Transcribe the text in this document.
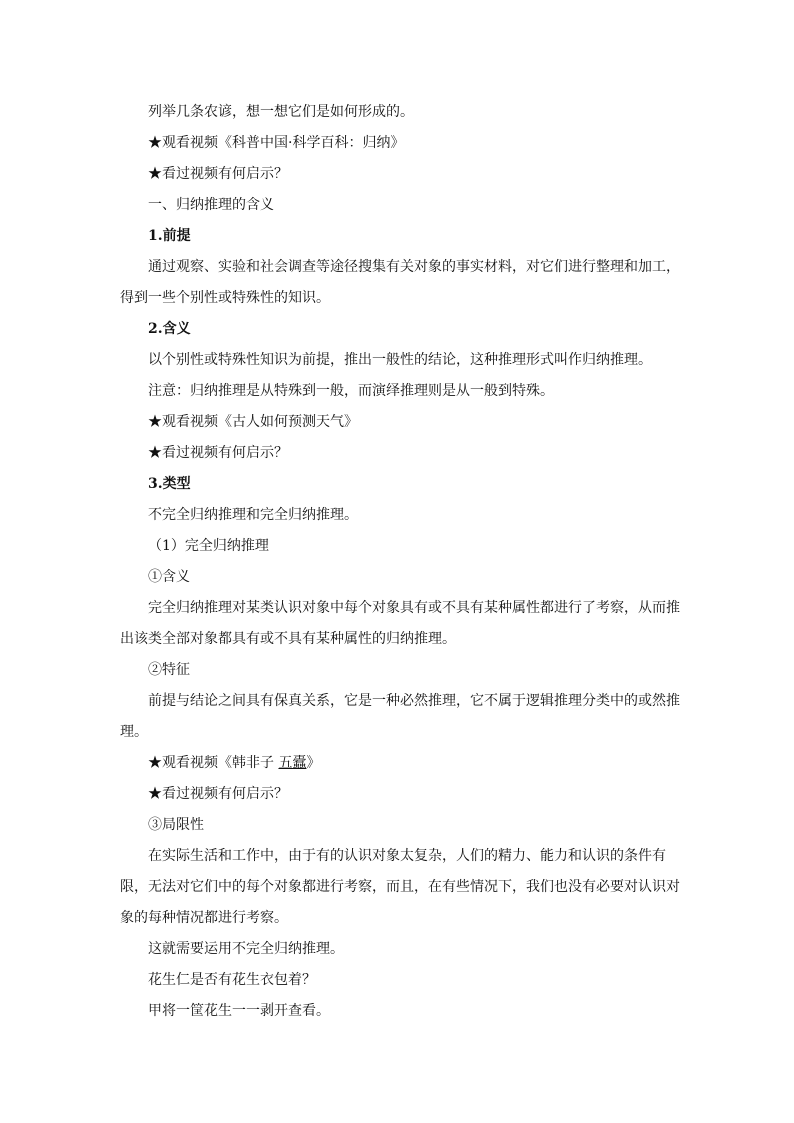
列举几条农谚，想一想它们是如何形成的。
★观看视频《科普中国·科学百科：归纳》
★看过视频有何启示？
一、归纳推理的含义
1.前提
通过观察、实验和社会调查等途径搜集有关对象的事实材料，对它们进行整理和加工，得到一些个别性或特殊性的知识。
2.含义
以个别性或特殊性知识为前提，推出一般性的结论，这种推理形式叫作归纳推理。
注意：归纳推理是从特殊到一般，而演绎推理则是从一般到特殊。
★观看视频《古人如何预测天气》
★看过视频有何启示？
3.类型
不完全归纳推理和完全归纳推理。
（1）完全归纳推理
①含义
完全归纳推理对某类认识对象中每个对象具有或不具有某种属性都进行了考察，从而推出该类全部对象都具有或不具有某种属性的归纳推理。
②特征
前提与结论之间具有保真关系，它是一种必然推理，它不属于逻辑推理分类中的或然推理。
★观看视频《韩非子 五蠹》
★看过视频有何启示？
③局限性
在实际生活和工作中，由于有的认识对象太复杂，人们的精力、能力和认识的条件有限，无法对它们中的每个对象都进行考察，而且，在有些情况下，我们也没有必要对认识对象的每种情况都进行考察。
这就需要运用不完全归纳推理。
花生仁是否有花生衣包着？
甲将一筐花生一一剥开查看。
